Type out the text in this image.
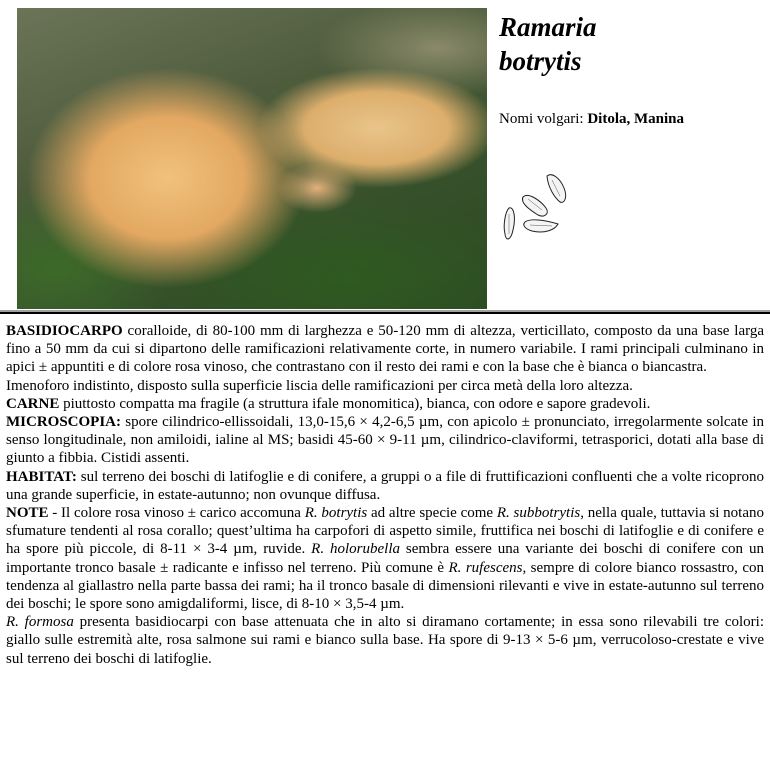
Ramaria
botrytis
Nomi volgari: Ditola, Manina

BASIDIOCARPO coralloide, di 80-100 mm di larghezza e 50-120 mm di altezza, verticillato, composto da una base larga fino a 50 mm da cui si dipartono delle ramificazioni relativamente corte, in numero variabile. I rami principali culminano in apici ± appuntiti e di colore rosa vinoso, che contrastano con il resto dei rami e con la base che è bianca o biancastra.

Imenoforo indistinto, disposto sulla superficie liscia delle ramificazioni per circa metà della loro altezza.

CARNE piuttosto compatta ma fragile (a struttura ifale monomitica), bianca, con odore e sapore gradevoli.

MICROSCOPIA: spore cilindrico-ellissoidali, 13,0-15,6 × 4,2-6,5 µm, con apicolo ± pronunciato, irregolarmente solcate in senso longitudinale, non amiloidi, ialine al MS; basidi 45-60 × 9-11 µm, cilindrico-claviformi, tetrasporici, dotati alla base di giunto a fibbia. Cistidi assenti.

HABITAT: sul terreno dei boschi di latifoglie e di conifere, a gruppi o a file di fruttificazioni confluenti che a volte ricoprono una grande superficie, in estate-autunno; non ovunque diffusa.

NOTE - Il colore rosa vinoso ± carico accomuna R. botrytis ad altre specie come R. subbotrytis, nella quale, tuttavia si notano sfumature tendenti al rosa corallo; quest’ultima ha carpofori di aspetto simile, fruttifica nei boschi di latifoglie e di conifere e ha spore più piccole, di 8-11 × 3-4 µm, ruvide. R. holorubella sembra essere una variante dei boschi di conifere con un importante tronco basale ± radicante e infisso nel terreno. Più comune è R. rufescens, sempre di colore bianco rossastro, con tendenza al giallastro nella parte bassa dei rami; ha il tronco basale di dimensioni rilevanti e vive in estate-autunno sul terreno dei boschi; le spore sono amigdaliformi, lisce, di 8-10 × 3,5-4 µm.

R. formosa presenta basidiocarpi con base attenuata che in alto si diramano cortamente; in essa sono rilevabili tre colori: giallo sulle estremità alte, rosa salmone sui rami e bianco sulla base. Ha spore di 9-13 × 5-6 µm, verrucoloso-crestate e vive sul terreno dei boschi di latifoglie.
